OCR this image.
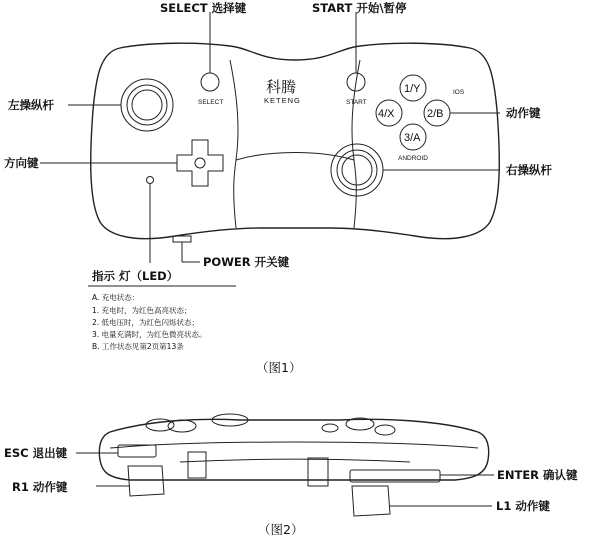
SELECT	START
科腾
KETENG
1/Y
4/X	2/B
3/A
IOS
ANDROID
SELECT 选择键	START 开始\暂停
左操纵杆
方向键
动作键
右操纵杆
POWER 开关键
指示 灯（LED）
A. 充电状态：
1. 充电时，为红色高亮状态；
2. 低电压时，为红色闪烁状态；
3. 电量充满时，为红色微亮状态。
B. 工作状态见第2页第13条
（图1）
ESC 退出键
R1 动作键
ENTER 确认键
L1 动作键
（图2）
